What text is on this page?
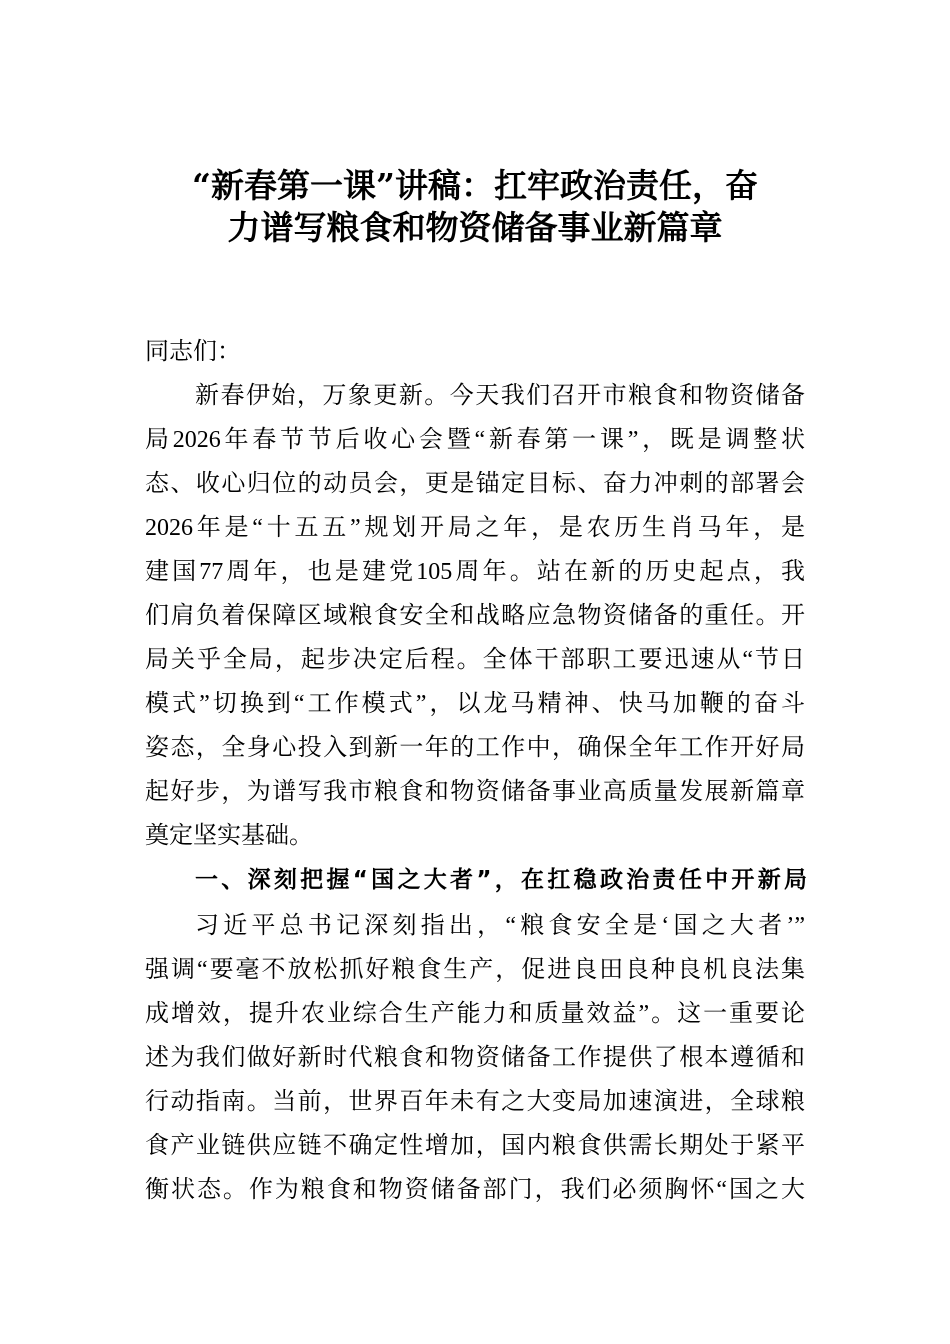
“新春第一课”讲稿：扛牢政治责任，奋
力谱写粮食和物资储备事业新篇章
同志们：
新春伊始，万象更新。今天我们召开市粮食和物资储备
局2026年春节节后收心会暨“新春第一课”，既是调整状
态、收心归位的动员会，更是锚定目标、奋力冲刺的部署会
2026年是“十五五”规划开局之年，是农历生肖马年，是
建国77周年，也是建党105周年。站在新的历史起点，我
们肩负着保障区域粮食安全和战略应急物资储备的重任。开
局关乎全局，起步决定后程。全体干部职工要迅速从“节日
模式”切换到“工作模式”，以龙马精神、快马加鞭的奋斗
姿态，全身心投入到新一年的工作中，确保全年工作开好局
起好步，为谱写我市粮食和物资储备事业高质量发展新篇章
奠定坚实基础。
一、深刻把握“国之大者”，在扛稳政治责任中开新局
习近平总书记深刻指出，“粮食安全是‘国之大者’”
强调“要毫不放松抓好粮食生产，促进良田良种良机良法集
成增效，提升农业综合生产能力和质量效益”。这一重要论
述为我们做好新时代粮食和物资储备工作提供了根本遵循和
行动指南。当前，世界百年未有之大变局加速演进，全球粮
食产业链供应链不确定性增加，国内粮食供需长期处于紧平
衡状态。作为粮食和物资储备部门，我们必须胸怀“国之大
